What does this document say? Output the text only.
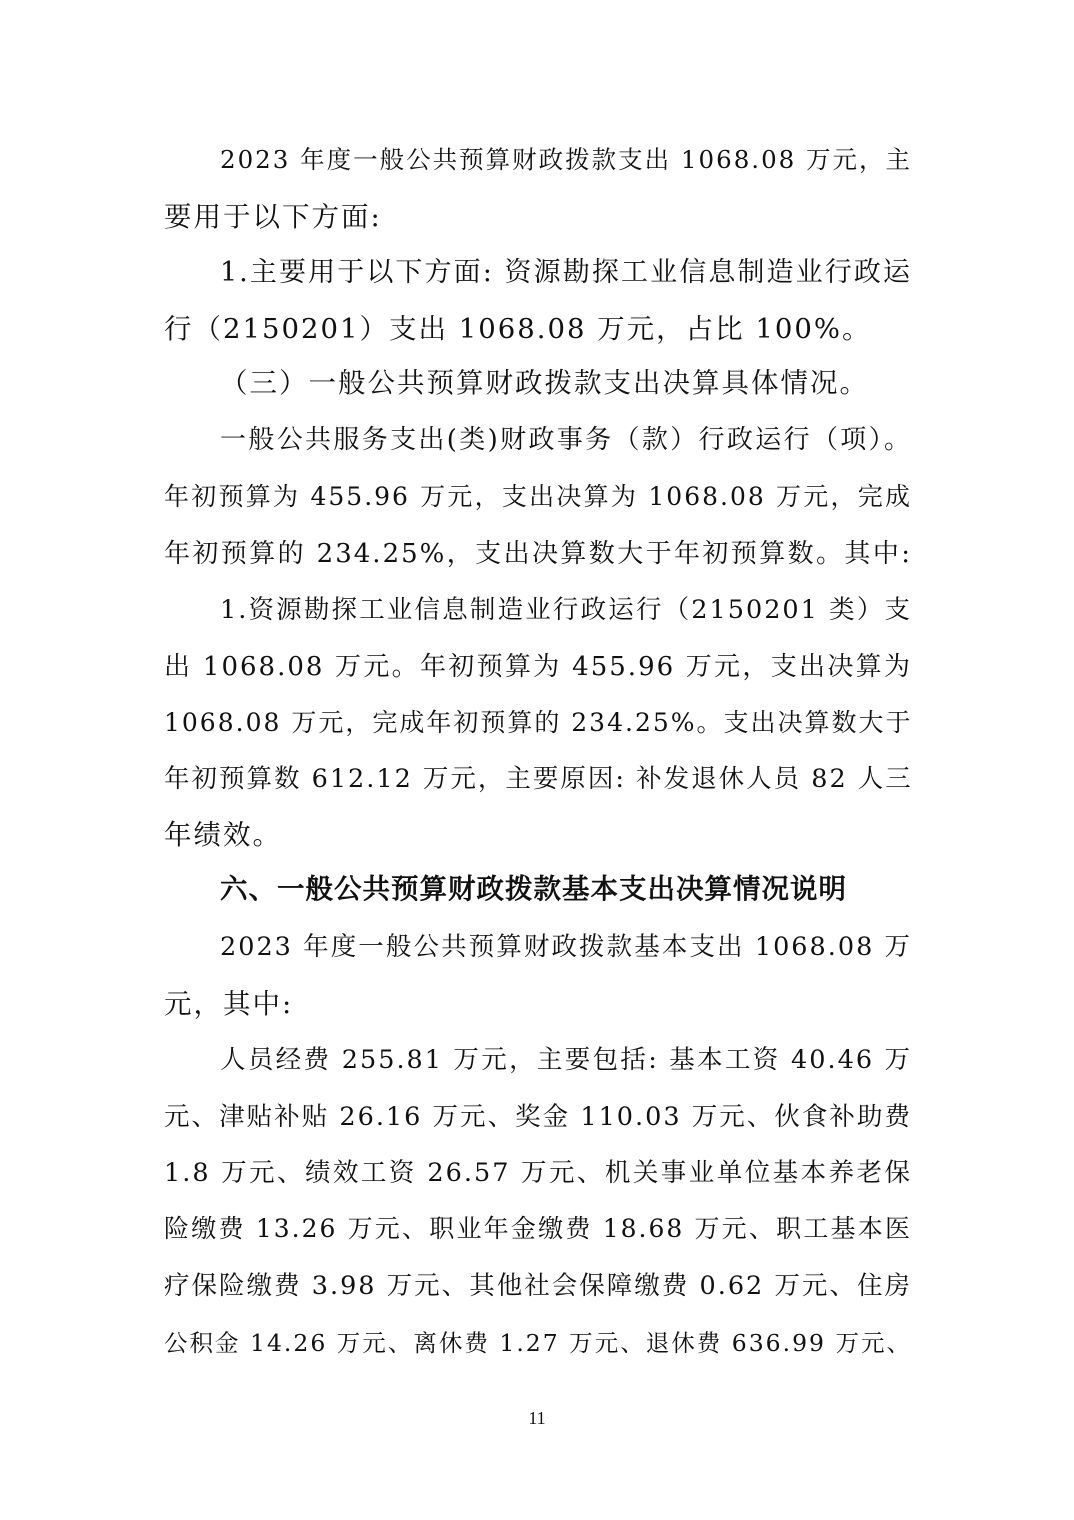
2023 年度一般公共预算财政拨款支出 1068.08 万元，主
要用于以下方面:
1.主要用于以下方面: 资源勘探工业信息制造业行政运
行（2150201）支出 1068.08 万元，占比 100%。
（三）一般公共预算财政拨款支出决算具体情况。
一般公共服务支出(类)财政事务（款）行政运行（项）。
年初预算为 455.96 万元，支出决算为 1068.08 万元，完成
年初预算的 234.25%，支出决算数大于年初预算数。其中:
1.资源勘探工业信息制造业行政运行（2150201 类）支
出 1068.08 万元。年初预算为 455.96 万元，支出决算为
1068.08 万元，完成年初预算的 234.25%。支出决算数大于
年初预算数 612.12 万元，主要原因: 补发退休人员 82 人三
年绩效。
六、一般公共预算财政拨款基本支出决算情况说明
2023 年度一般公共预算财政拨款基本支出 1068.08 万
元，其中:
人员经费 255.81 万元，主要包括: 基本工资 40.46 万
元、津贴补贴 26.16 万元、奖金 110.03 万元、伙食补助费
1.8 万元、绩效工资 26.57 万元、机关事业单位基本养老保
险缴费 13.26 万元、职业年金缴费 18.68 万元、职工基本医
疗保险缴费 3.98 万元、其他社会保障缴费 0.62 万元、住房
公积金 14.26 万元、离休费 1.27 万元、退休费 636.99 万元、
11
